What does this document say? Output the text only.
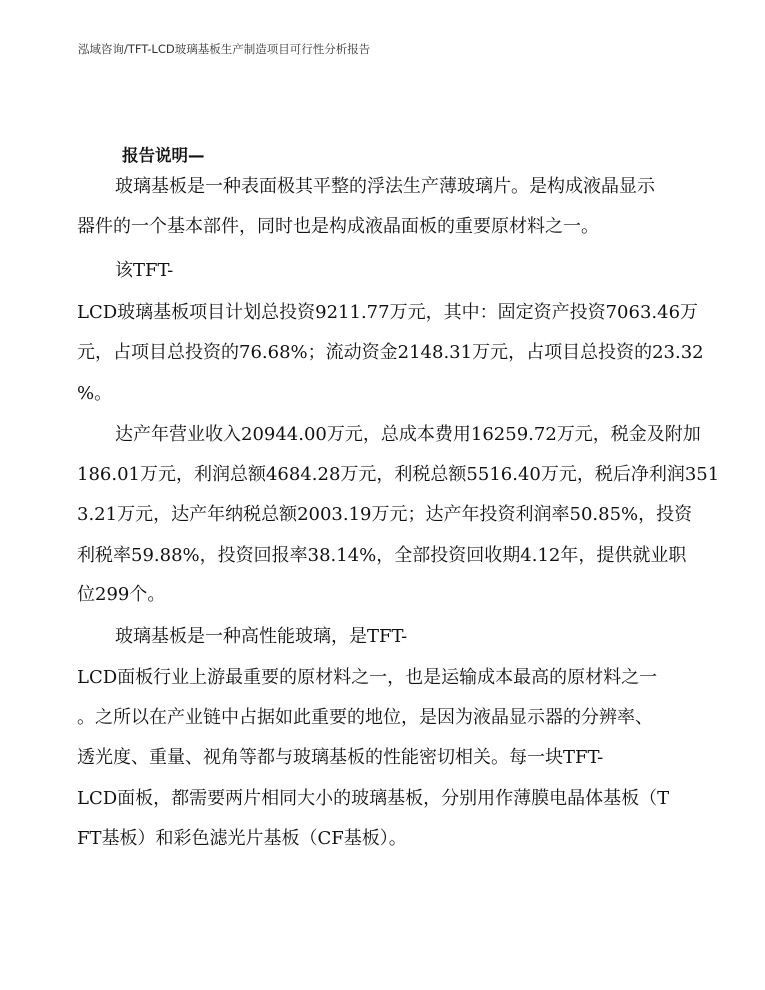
泓域咨询/TFT-LCD玻璃基板生产制造项目可行性分析报告
报告说明—
玻璃基板是一种表面极其平整的浮法生产薄玻璃片。是构成液晶显示
器件的一个基本部件，同时也是构成液晶面板的重要原材料之一。
该TFT-
LCD玻璃基板项目计划总投资9211.77万元，其中：固定资产投资7063.46万
元，占项目总投资的76.68%；流动资金2148.31万元，占项目总投资的23.32
%。
达产年营业收入20944.00万元，总成本费用16259.72万元，税金及附加
186.01万元，利润总额4684.28万元，利税总额5516.40万元，税后净利润351
3.21万元，达产年纳税总额2003.19万元；达产年投资利润率50.85%，投资
利税率59.88%，投资回报率38.14%，全部投资回收期4.12年，提供就业职
位299个。
玻璃基板是一种高性能玻璃，是TFT-
LCD面板行业上游最重要的原材料之一，也是运输成本最高的原材料之一
。之所以在产业链中占据如此重要的地位，是因为液晶显示器的分辨率、
透光度、重量、视角等都与玻璃基板的性能密切相关。每一块TFT-
LCD面板，都需要两片相同大小的玻璃基板，分别用作薄膜电晶体基板（T
FT基板）和彩色滤光片基板（CF基板）。
